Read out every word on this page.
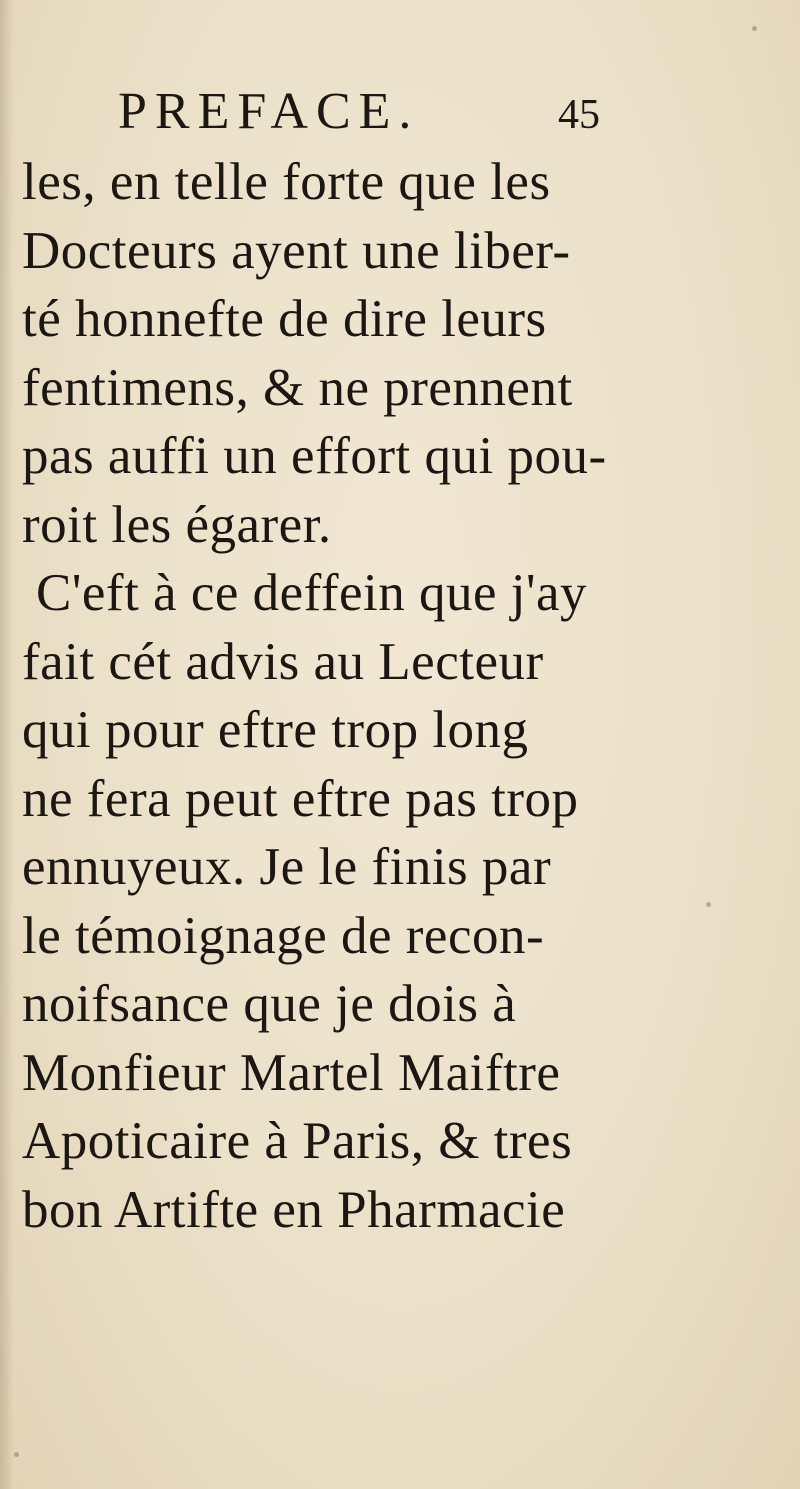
PREFACE.	45
les, en telle forte que les
Docteurs ayent une liber-
té honnefte de dire leurs
fentimens, & ne prennent
pas auffi un effort qui pou-
roit les égarer.
C'eft à ce deffein que j'ay
fait cét advis au Lecteur
qui pour eftre trop long
ne fera peut eftre pas trop
ennuyeux. Je le finis par
le témoignage de recon-
noifsance que je dois à
Monfieur Martel Maiftre
Apoticaire à Paris, & tres
bon Artifte en Pharmacie
